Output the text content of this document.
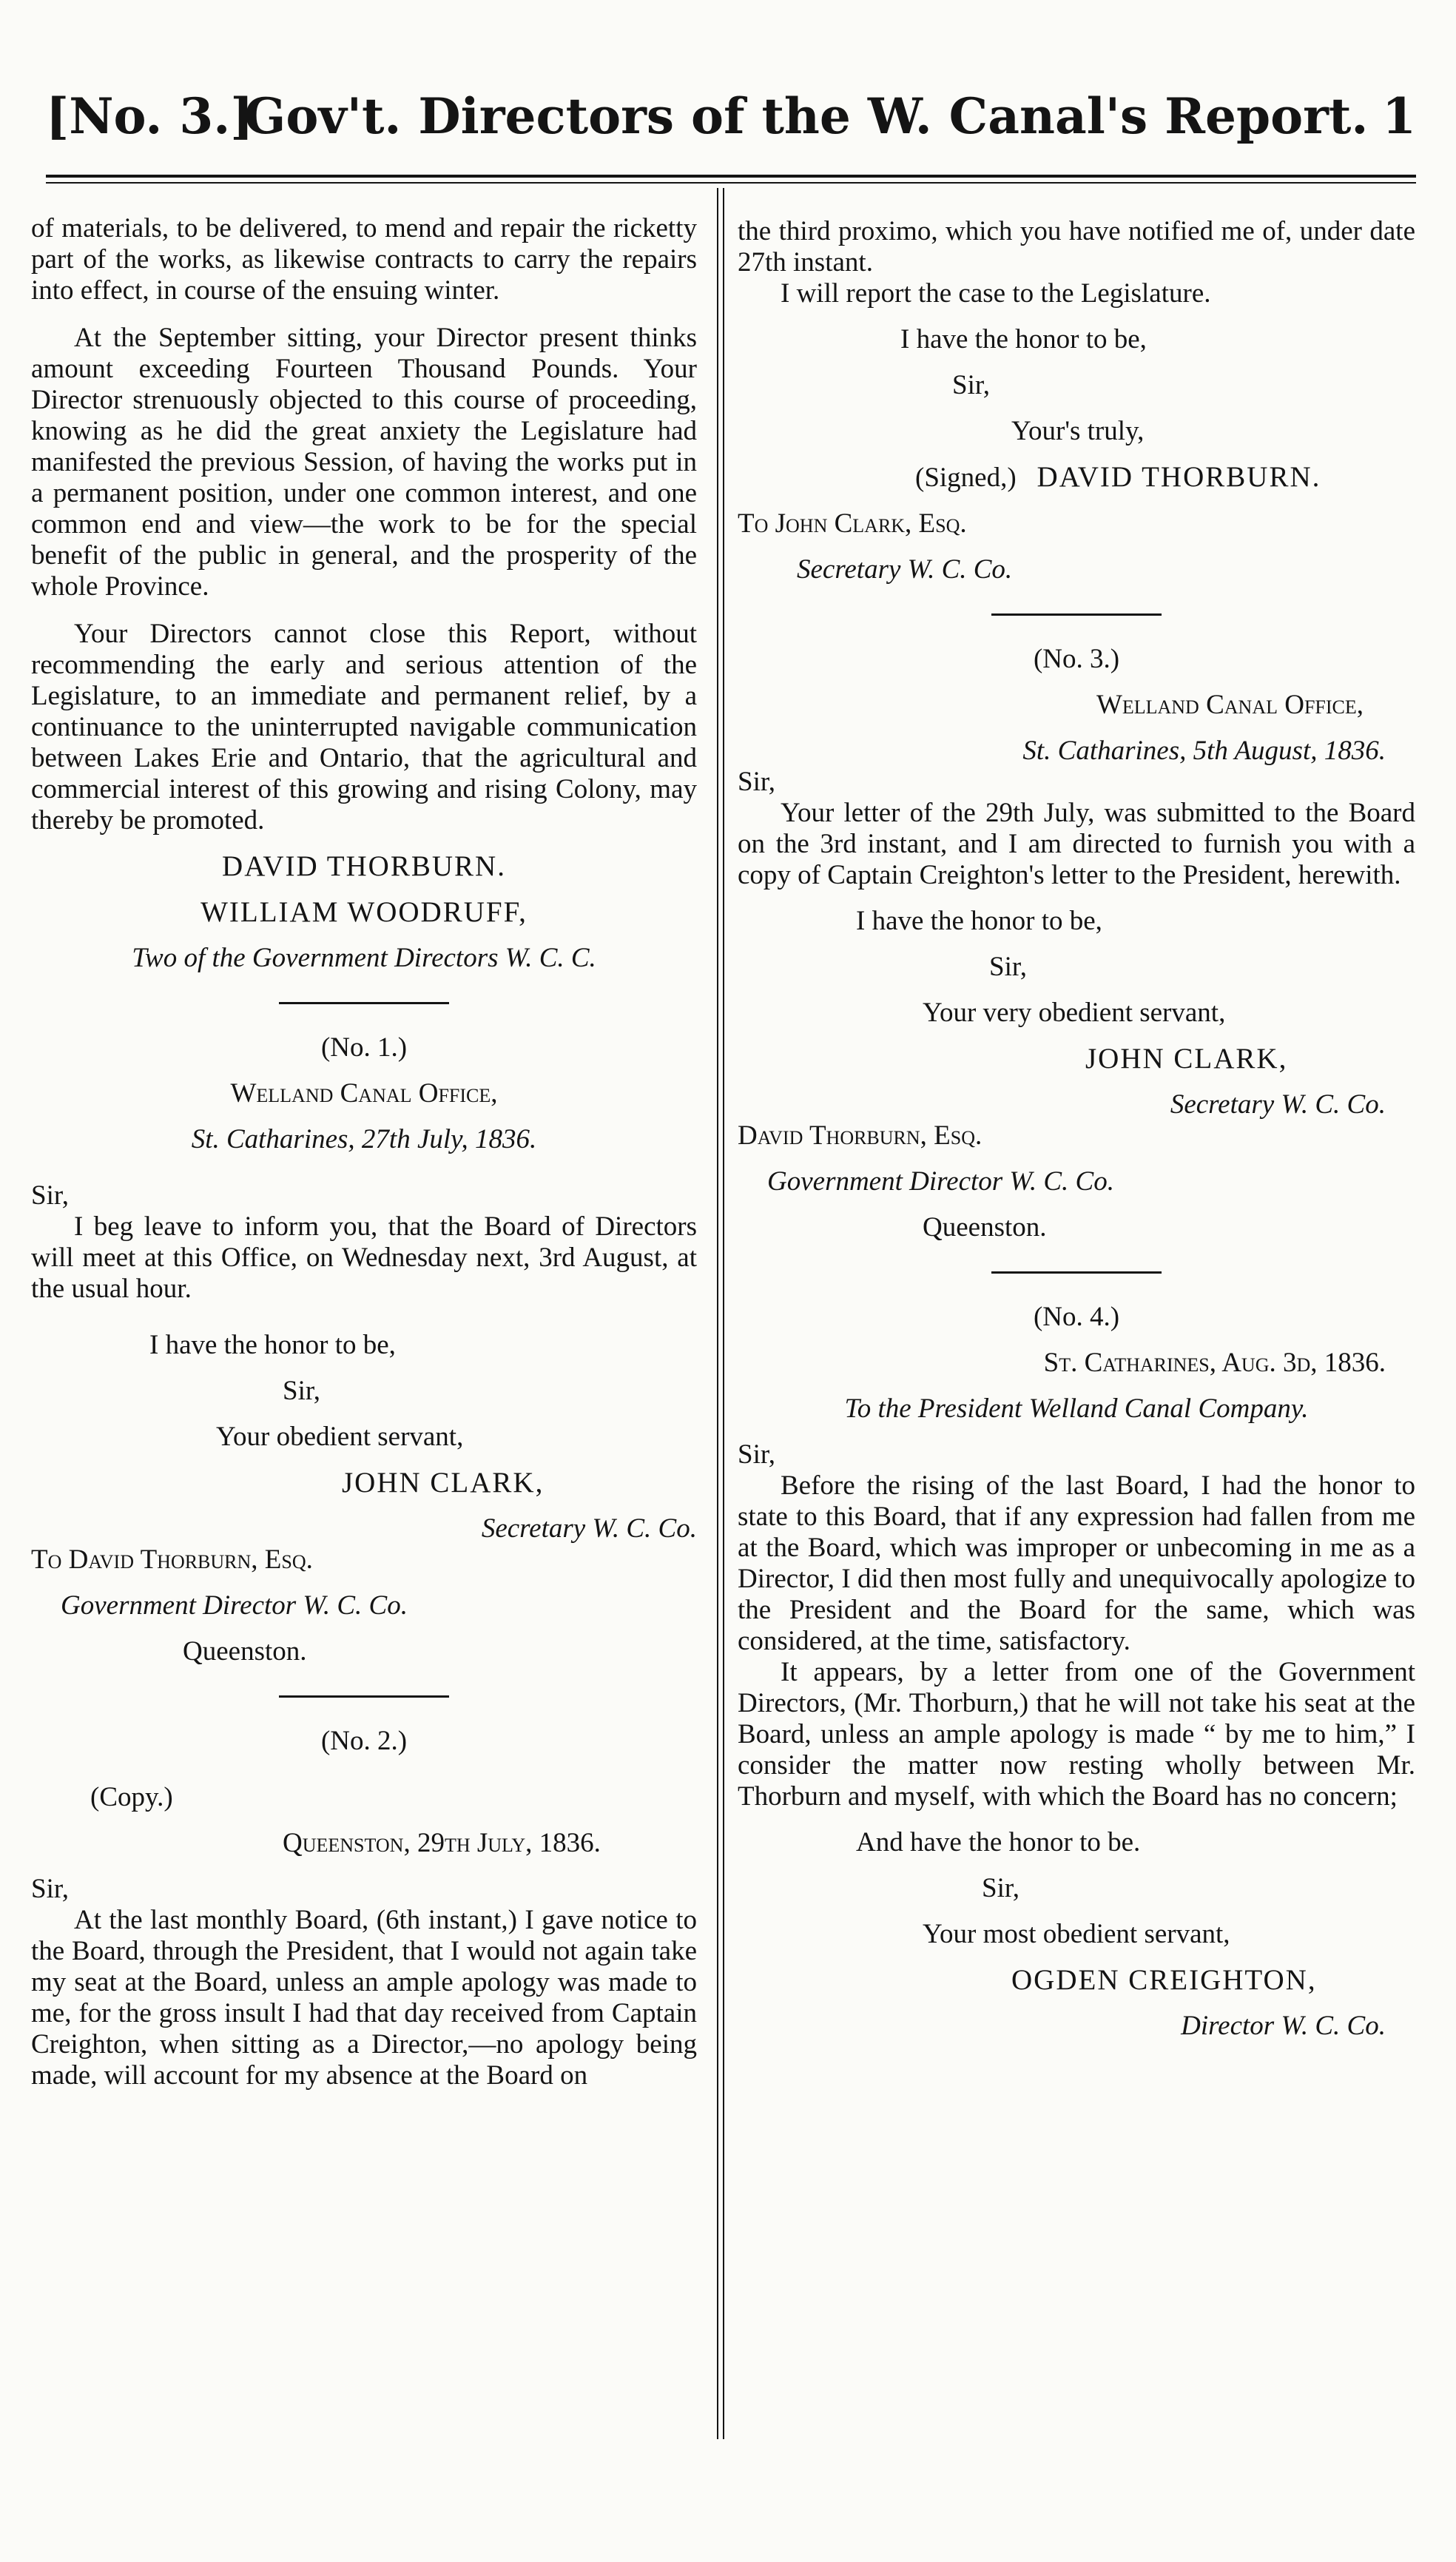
[No. 3.]
Gov't. Directors of the W. Canal's Report. 1

of materials, to be delivered, to mend and repair the ricketty part of the works, as likewise contracts to carry the repairs into effect, in course of the ensuing winter.

At the September sitting, your Director present thinks amount exceeding Fourteen Thousand Pounds. Your Director strenuously objected to this course of proceeding, knowing as he did the great anxiety the Legislature had manifested the previous Session, of having the works put in a permanent position, under one common interest, and one common end and view—the work to be for the special benefit of the public in general, and the prosperity of the whole Province.

Your Directors cannot close this Report, without recommending the early and serious attention of the Legislature, to an immediate and permanent relief, by a continuance to the uninterrupted navigable communication between Lakes Erie and Ontario, that the agricultural and commercial interest of this growing and rising Colony, may thereby be promoted.

DAVID THORBURN.

WILLIAM WOODRUFF,

Two of the Government Directors W. C. C.

(No. 1.)

Welland Canal Office,

St. Catharines, 27th July, 1836.

Sir,

I beg leave to inform you, that the Board of Directors will meet at this Office, on Wednesday next, 3rd August, at the usual hour.

I have the honor to be,

Sir,

Your obedient servant,

JOHN CLARK,

Secretary W. C. Co.

To David Thorburn, Esq.

Government Director W. C. Co.

Queenston.

(No. 2.)

(Copy.)

Queenston, 29th July, 1836.

Sir,

At the last monthly Board, (6th instant,) I gave notice to the Board, through the President, that I would not again take my seat at the Board, unless an ample apology was made to me, for the gross insult I had that day received from Captain Creighton, when sitting as a Director,—no apology being made, will account for my absence at the Board on

the third proximo, which you have notified me of, under date 27th instant.

I will report the case to the Legislature.

I have the honor to be,

Sir,

Your's truly,

(Signed,) DAVID THORBURN.

To John Clark, Esq.

Secretary W. C. Co.

(No. 3.)

Welland Canal Office,

St. Catharines, 5th August, 1836.

Sir,

Your letter of the 29th July, was submitted to the Board on the 3rd instant, and I am directed to furnish you with a copy of Captain Creighton's letter to the President, herewith.

I have the honor to be,

Sir,

Your very obedient servant,

JOHN CLARK,

Secretary W. C. Co.

David Thorburn, Esq.

Government Director W. C. Co.

Queenston.

(No. 4.)

St. Catharines, Aug. 3d, 1836.

To the President Welland Canal Company.

Sir,

Before the rising of the last Board, I had the honor to state to this Board, that if any expression had fallen from me at the Board, which was improper or unbecoming in me as a Director, I did then most fully and unequivocally apologize to the President and the Board for the same, which was considered, at the time, satisfactory.

It appears, by a letter from one of the Government Directors, (Mr. Thorburn,) that he will not take his seat at the Board, unless an ample apology is made “ by me to him,” I consider the matter now resting wholly between Mr. Thorburn and myself, with which the Board has no concern;

And have the honor to be.

Sir,

Your most obedient servant,

OGDEN CREIGHTON,

Director W. C. Co.
